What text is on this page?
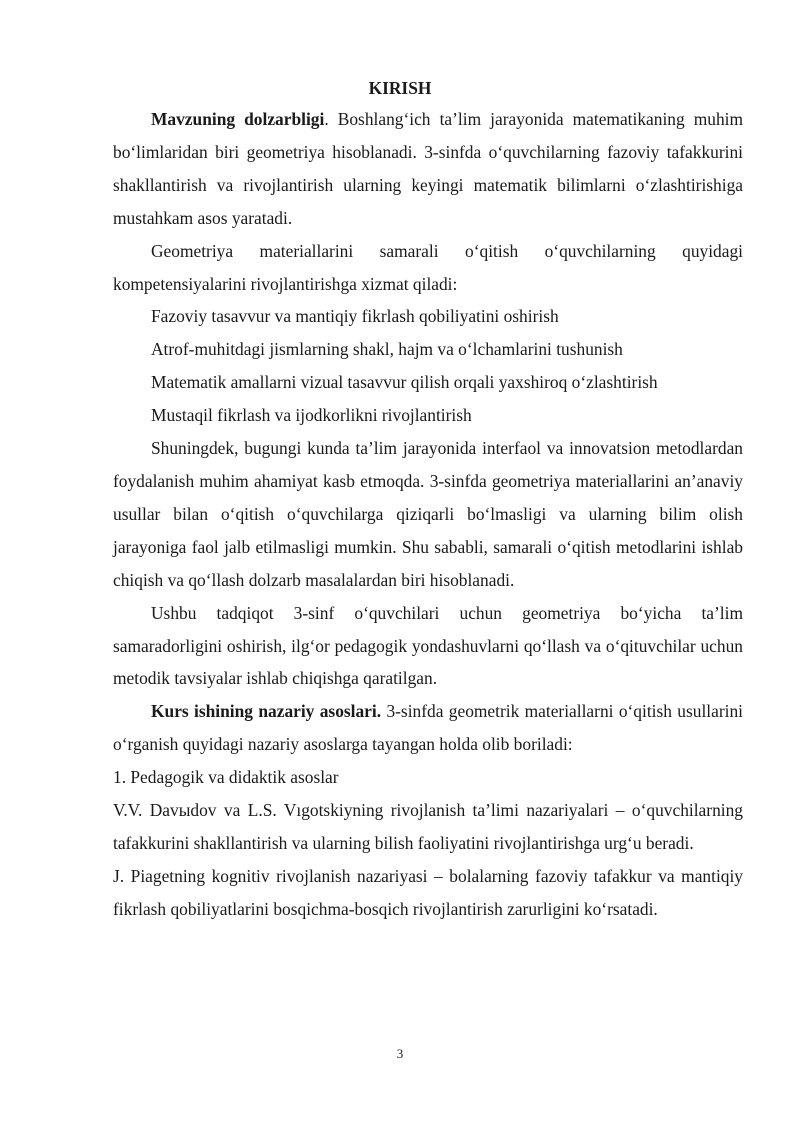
KIRISH

Mavzuning dolzarbligi. Boshlang‘ich ta’lim jarayonida matematikaning muhim bo‘limlaridan biri geometriya hisoblanadi. 3-sinfda o‘quvchilarning fazoviy tafakkurini shakllantirish va rivojlantirish ularning keyingi matematik bilimlarni o‘zlashtirishiga mustahkam asos yaratadi.

Geometriya materiallarini samarali o‘qitish o‘quvchilarning quyidagi kompetensiyalarini rivojlantirishga xizmat qiladi:

Fazoviy tasavvur va mantiqiy fikrlash qobiliyatini oshirish

Atrof-muhitdagi jismlarning shakl, hajm va o‘lchamlarini tushunish

Matematik amallarni vizual tasavvur qilish orqali yaxshiroq o‘zlashtirish

Mustaqil fikrlash va ijodkorlikni rivojlantirish

Shuningdek, bugungi kunda ta’lim jarayonida interfaol va innovatsion metodlardan foydalanish muhim ahamiyat kasb etmoqda. 3-sinfda geometriya materiallarini an’anaviy usullar bilan o‘qitish o‘quvchilarga qiziqarli bo‘lmasligi va ularning bilim olish jarayoniga faol jalb etilmasligi mumkin. Shu sababli, samarali o‘qitish metodlarini ishlab chiqish va qo‘llash dolzarb masalalardan biri hisoblanadi.

Ushbu tadqiqot 3-sinf o‘quvchilari uchun geometriya bo‘yicha ta’lim samaradorligini oshirish, ilg‘or pedagogik yondashuvlarni qo‘llash va o‘qituvchilar uchun metodik tavsiyalar ishlab chiqishga qaratilgan.

Kurs ishining nazariy asoslari. 3-sinfda geometrik materiallarni o‘qitish usullarini o‘rganish quyidagi nazariy asoslarga tayangan holda olib boriladi:

1. Pedagogik va didaktik asoslar

V.V. Davыdov va L.S. Vıgotskiyning rivojlanish ta’limi nazariyalari – o‘quvchilarning tafakkurini shakllantirish va ularning bilish faoliyatini rivojlantirishga urg‘u beradi.

J. Piagetning kognitiv rivojlanish nazariyasi – bolalarning fazoviy tafakkur va mantiqiy fikrlash qobiliyatlarini bosqichma-bosqich rivojlantirish zarurligini ko‘rsatadi.

3
